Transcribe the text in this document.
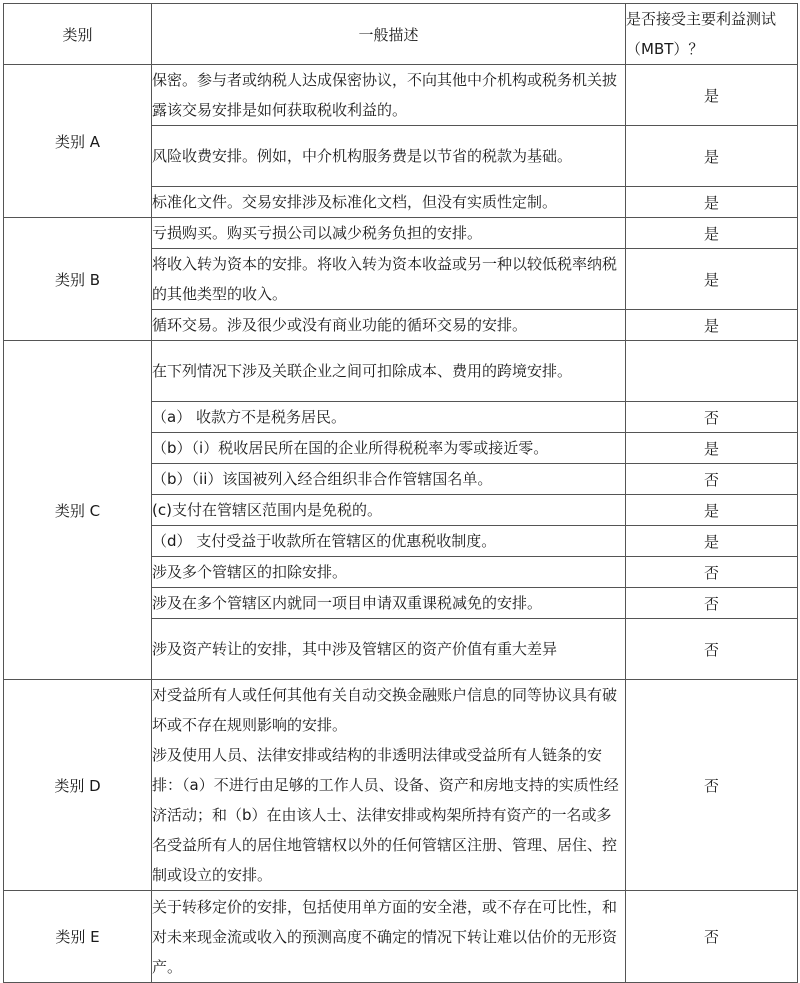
类别	一般描述	是否接受主要利益测试（MBT）？
类别 A	保密。参与者或纳税人达成保密协议，不向其他中介机构或税务机关披露该交易安排是如何获取税收利益的。	是
	风险收费安排。例如，中介机构服务费是以节省的税款为基础。	是
	标准化文件。交易安排涉及标准化文档，但没有实质性定制。	是
类别 B	亏损购买。购买亏损公司以减少税务负担的安排。	是
	将收入转为资本的安排。将收入转为资本收益或另一种以较低税率纳税的其他类型的收入。	是
	循环交易。涉及很少或没有商业功能的循环交易的安排。	是
类别 C	在下列情况下涉及关联企业之间可扣除成本、费用的跨境安排。	
	（a） 收款方不是税务居民。	否
	（b）（i）税收居民所在国的企业所得税税率为零或接近零。	是
	（b）（ii）该国被列入经合组织非合作管辖国名单。	否
	(c)支付在管辖区范围内是免税的。	是
	（d） 支付受益于收款所在管辖区的优惠税收制度。	是
	涉及多个管辖区的扣除安排。	否
	涉及在多个管辖区内就同一项目申请双重课税减免的安排。	否
	涉及资产转让的安排，其中涉及管辖区的资产价值有重大差异	否
类别 D	对受益所有人或任何其他有关自动交换金融账户信息的同等协议具有破坏或不存在规则影响的安排。
涉及使用人员、法律安排或结构的非透明法律或受益所有人链条的安排：（a）不进行由足够的工作人员、设备、资产和房地支持的实质性经济活动；和（b）在由该人士、法律安排或构架所持有资产的一名或多名受益所有人的居住地管辖权以外的任何管辖区注册、管理、居住、控制或设立的安排。	否
类别 E	关于转移定价的安排，包括使用单方面的安全港，或不存在可比性，和对未来现金流或收入的预测高度不确定的情况下转让难以估价的无形资产。	否
